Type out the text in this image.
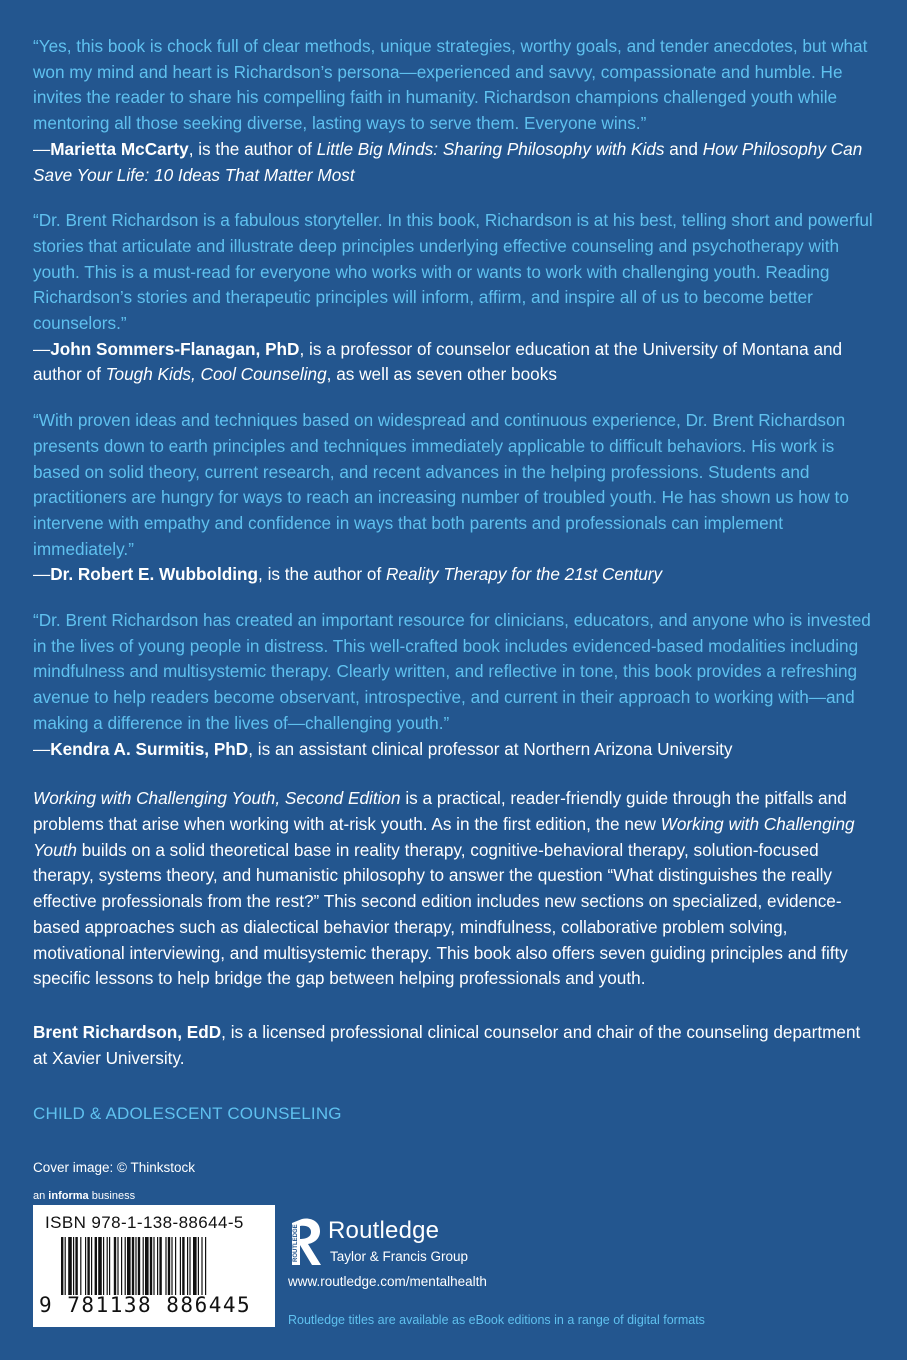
“Yes, this book is chock full of clear methods, unique strategies, worthy goals, and tender anecdotes, but what won my mind and heart is Richardson’s persona—experienced and savvy, compassionate and humble. He invites the reader to share his compelling faith in humanity. Richardson champions challenged youth while mentoring all those seeking diverse, lasting ways to serve them. Everyone wins.”
—Marietta McCarty, is the author of Little Big Minds: Sharing Philosophy with Kids and How Philosophy Can Save Your Life: 10 Ideas That Matter Most
“Dr. Brent Richardson is a fabulous storyteller. In this book, Richardson is at his best, telling short and powerful stories that articulate and illustrate deep principles underlying effective counseling and psychotherapy with youth. This is a must-read for everyone who works with or wants to work with challenging youth. Reading Richardson’s stories and therapeutic principles will inform, affirm, and inspire all of us to become better counselors.”
—John Sommers-Flanagan, PhD, is a professor of counselor education at the University of Montana and author of Tough Kids, Cool Counseling, as well as seven other books
“With proven ideas and techniques based on widespread and continuous experience, Dr. Brent Richardson presents down to earth principles and techniques immediately applicable to difficult behaviors. His work is based on solid theory, current research, and recent advances in the helping professions. Students and practitioners are hungry for ways to reach an increasing number of troubled youth. He has shown us how to intervene with empathy and confidence in ways that both parents and professionals can implement immediately.”
—Dr. Robert E. Wubbolding, is the author of Reality Therapy for the 21st Century
“Dr. Brent Richardson has created an important resource for clinicians, educators, and anyone who is invested in the lives of young people in distress. This well-crafted book includes evidenced-based modalities including mindfulness and multisystemic therapy. Clearly written, and reflective in tone, this book provides a refreshing avenue to help readers become observant, introspective, and current in their approach to working with—and making a difference in the lives of—challenging youth.”
—Kendra A. Surmitis, PhD, is an assistant clinical professor at Northern Arizona University
Working with Challenging Youth, Second Edition is a practical, reader-friendly guide through the pitfalls and problems that arise when working with at-risk youth. As in the first edition, the new Working with Challenging Youth builds on a solid theoretical base in reality therapy, cognitive-behavioral therapy, solution-focused therapy, systems theory, and humanistic philosophy to answer the question “What distinguishes the really effective professionals from the rest?” This second edition includes new sections on specialized, evidence-based approaches such as dialectical behavior therapy, mindfulness, collaborative problem solving, motivational interviewing, and multisystemic therapy. This book also offers seven guiding principles and fifty specific lessons to help bridge the gap between helping professionals and youth.
Brent Richardson, EdD, is a licensed professional clinical counselor and chair of the counseling department at Xavier University.
CHILD & ADOLESCENT COUNSELING
Cover image: © Thinkstock
an informa business
ISBN 978-1-138-88644-5
9 781138 886445
ROUTLEDGE Routledge
Taylor & Francis Group
www.routledge.com/mentalhealth
Routledge titles are available as eBook editions in a range of digital formats
